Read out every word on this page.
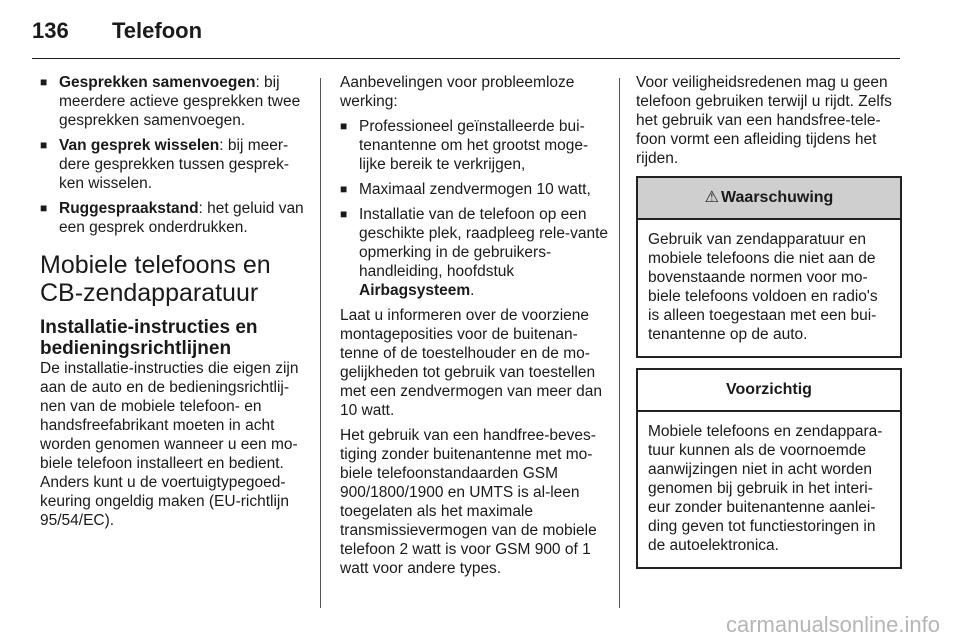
136 Telefoon
■ Gesprekken samenvoegen: bij meerdere actieve gesprekken twee gesprekken samenvoegen.
■ Van gesprek wisselen: bij meer-dere gesprekken tussen gesprek-ken wisselen.
■ Ruggespraakstand: het geluid van een gesprek onderdrukken.
Mobiele telefoons en CB-zendapparatuur
Installatie-instructies en bedieningsrichtlijnen

De installatie-instructies die eigen zijn aan de auto en de bedieningsrichtlij-nen van de mobiele telefoon- en handsfreefabrikant moeten in acht worden genomen wanneer u een mo-biele telefoon installeert en bedient. Anders kunt u de voertuigtypegoed-keuring ongeldig maken (EU-richtlijn 95/54/EC).

Aanbevelingen voor probleemloze werking:

■ Professioneel geïnstalleerde bui-tenantenne om het grootst moge-lijke bereik te verkrijgen,
■ Maximaal zendvermogen 10 watt,
■ Installatie van de telefoon op een geschikte plek, raadpleeg rele-vante opmerking in de gebruikers-handleiding, hoofdstuk
Airbagsysteem.

Laat u informeren over de voorziene montageposities voor de buitenan-tenne of de toestelhouder en de mo-gelijkheden tot gebruik van toestellen met een zendvermogen van meer dan 10 watt.

Het gebruik van een handfree-beves-tiging zonder buitenantenne met mo-biele telefoonstandaarden GSM 900/1800/1900 en UMTS is al-leen toegelaten als het maximale transmissievermogen van de mobiele telefoon 2 watt is voor GSM 900 of 1 watt voor andere types.

Voor veiligheidsredenen mag u geen telefoon gebruiken terwijl u rijdt. Zelfs het gebruik van een handsfree-tele-foon vormt een afleiding tijdens het rijden.

⚠ Waarschuwing
Gebruik van zendapparatuur en mobiele telefoons die niet aan de bovenstaande normen voor mo-biele telefoons voldoen en radio's is alleen toegestaan met een bui-tenantenne op de auto.
Voorzichtig
Mobiele telefoons en zendappara-tuur kunnen als de voornoemde aanwijzingen niet in acht worden genomen bij gebruik in het interi-eur zonder buitenantenne aanlei-ding geven tot functiestoringen in de autoelektronica.
carmanualsonline.info
